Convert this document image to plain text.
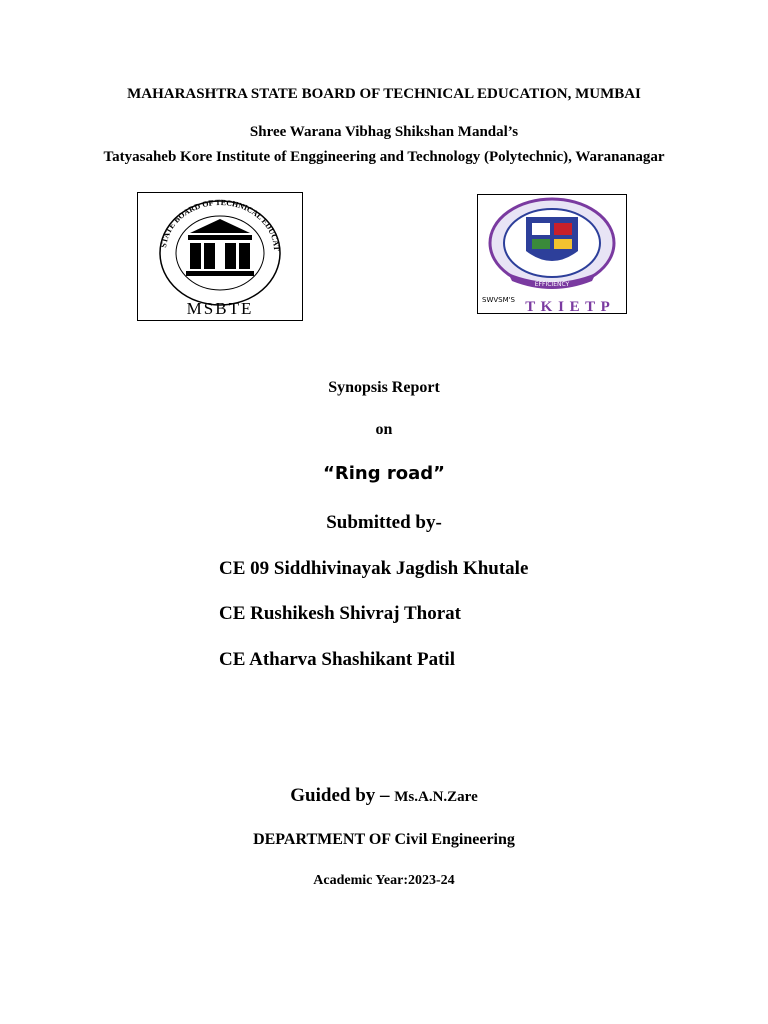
MAHARASHTRA STATE BOARD OF TECHNICAL EDUCATION, MUMBAI
Shree Warana Vibhag Shikshan Mandal’s
Tatyasaheb Kore Institute of Enggineering and Technology (Polytechnic), Warananagar
STATE BOARD OF TECHNICAL EDUCAT
MSBTE
EFFICIENCY
SWVSM'S T K I E T P
Synopsis Report
on
“Ring road”
Submitted by-
CE 09 Siddhivinayak Jagdish Khutale
CE Rushikesh Shivraj Thorat
CE Atharva Shashikant Patil
Guided by – Ms.A.N.Zare
DEPARTMENT OF Civil Engineering
Academic Year:2023-24
